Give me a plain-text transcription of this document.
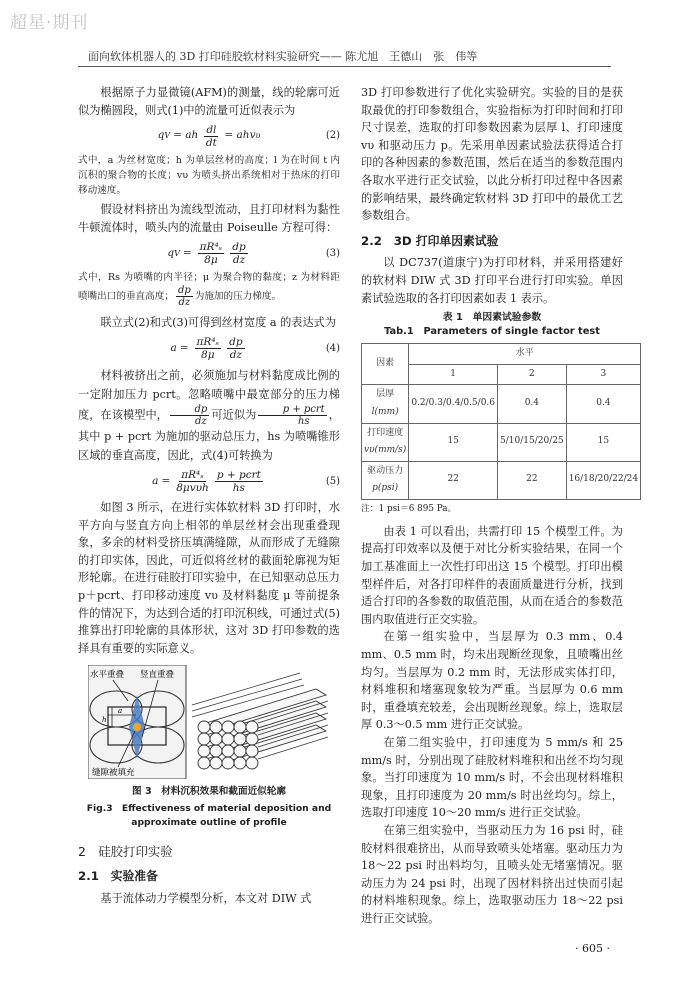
超星·期刊
面向软体机器人的 3D 打印硅胶软材料实验研究—— 陈尤旭　王德山　张　伟等

根据原子力显微镜(AFM)的测量，线的轮廓可近似为椭圆段，则式(1)中的流量可近似表示为

q V = ah $\frac{dl}{dt}$ = ahv υ	(2)

式中，a 为丝材宽度；h 为单层丝材的高度；l 为在时间 t 内沉积的聚合物的长度；vυ 为喷头挤出系统相对于热床的打印移动速度。

假设材料挤出为流线型流动，且打印材料为黏性牛顿流体时，喷头内的流量由 Poiseulle 方程可得：

q $V = \frac{\text{πR⁴ₛ}}{8\mu} \frac{dp}{dz}$	(3)

式中，Rs 为喷嘴的内半径；μ 为聚合物的黏度；z 为材料距喷嘴出口的垂直高度； $\frac{dp}{dz}$ 为施加的压力梯度。

联立式(2)和式(3)可得到丝材宽度 a 的表达式为

$a = \frac{\text{πR⁴ₛ}}{8\mu} \frac{dp}{dz}$	(4)

材料被挤出之前，必须施加与材料黏度成比例的一定附加压力 pcrt。忽略喷嘴中最宽部分的压力梯度，在该模型中， $\frac{dp}{dz}$ 可近似为	p + pcrt
hs ，其中 p + pcrt 为施加的驱动总压力，hs 为喷嘴锥形区域的垂直高度，因此，式(4)可转换为

$a = \frac{\text{πR⁴ₛ}}{\text{8μvυh}} \frac{\text{p + pcrt}}{hs}$	(5)

如图 3 所示，在进行实体软材料 3D 打印时，水平方向与竖直方向上相邻的单层丝材会出现重叠现象，多余的材料受挤压填满缝隙，从而形成了无缝隙的打印实体，因此，可近似将丝材的截面轮廓视为矩形轮廓。在进行硅胶打印实验中，在已知驱动总压力 p＋pcrt、打印移动速度 vυ 及材料黏度 μ 等前提条件的情况下，为达到合适的打印沉积线，可通过式(5)推算出打印轮廓的具体形状，这对 3D 打印参数的选择具有重要的实际意义。

a
h
水平重叠 竖直重叠
缝隙被填充
图 3　材料沉积效果和截面近似轮廓
Fig.3　Effectiveness of material deposition and approximate outline of profile
2　硅胶打印实验
2.1　实验准备

基于流体动力学模型分析，本文对 DIW 式

3D 打印参数进行了优化实验研究。实验的目的是获取最优的打印参数组合，实验指标为打印时间和打印尺寸误差，选取的打印参数因素为层厚 l、打印速度 vυ 和驱动压力 p。先采用单因素试验法获得适合打印的各种因素的参数范围，然后在适当的参数范围内各取水平进行正交试验，以此分析打印过程中各因素的影响结果，最终确定软材料 3D 打印中的最优工艺参数组合。

2.2　3D 打印单因素试验

以 DC737(道康宁)为打印材料，并采用搭建好的软材料 DIW 式 3D 打印平台进行打印实验。单因素试验选取的各打印因素如表 1 表示。

表 1　单因素试验参数
Tab.1　Parameters of single factor test
因素	水平		
	1	2	3
层厚
l(mm)	0.2/0.3/0.4/0.5/0.6	0.4	0.4
打印速度
vυ(mm/s)	15	5/10/15/20/25	15
驱动压力
p(psi)	22	22	16/18/20/22/24
注：1 psi＝6 895 Pa。

由表 1 可以看出，共需打印 15 个模型工件。为提高打印效率以及便于对比分析实验结果，在同一个加工基准面上一次性打印出这 15 个模型。打印出模型样件后，对各打印样件的表面质量进行分析，找到适合打印的各参数的取值范围，从而在适合的参数范围内取值进行正交实验。

在第一组实验中，当层厚为 0.3 mm、0.4 mm、0.5 mm 时，均未出现断丝现象，且喷嘴出丝均匀。当层厚为 0.2 mm 时，无法形成实体打印，材料堆积和堵塞现象较为严重。当层厚为 0.6 mm 时，重叠填充较差，会出现断丝现象。综上，选取层厚 0.3～0.5 mm 进行正交试验。

在第二组实验中，打印速度为 5 mm/s 和 25 mm/s 时，分别出现了硅胶材料堆积和出丝不均匀现象。当打印速度为 10 mm/s 时，不会出现材料堆积现象，且打印速度为 20 mm/s 时出丝均匀。综上，选取打印速度 10～20 mm/s 进行正交试验。

在第三组实验中，当驱动压力为 16 psi 时，硅胶材料很难挤出，从而导致喷头处堵塞。驱动压力为 18～22 psi 时出料均匀，且喷头处无堵塞情况。驱动压力为 24 psi 时，出现了因材料挤出过快而引起的材料堆积现象。综上，选取驱动压力 18～22 psi 进行正交试验。

· 605 ·
